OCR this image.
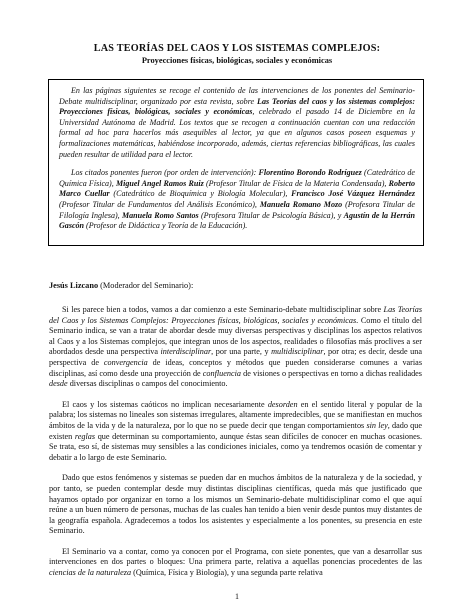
LAS TEORÍAS DEL CAOS Y LOS SISTEMAS COMPLEJOS:
Proyecciones físicas, biológicas, sociales y económicas

En las páginas siguientes se recoge el contenido de las intervenciones de los ponentes del Seminario-Debate multidisciplinar, organizado por esta revista, sobre Las Teorías del caos y los sistemas complejos: Proyecciones físicas, biológicas, sociales y económicas, celebrado el pasado 14 de Diciembre en la Universidad Autónoma de Madrid. Los textos que se recogen a continuación cuentan con una redacción formal ad hoc para hacerlos más asequibles al lector, ya que en algunos casos poseen esquemas y formalizaciones matemáticas, habiéndose incorporado, además, ciertas referencias bibliográficas, las cuales pueden resultar de utilidad para el lector.

Los citados ponentes fueron (por orden de intervención): Florentino Borondo Rodríguez (Catedrático de Química Física), Miguel Angel Ramos Ruiz (Profesor Titular de Física de la Materia Condensada), Roberto Marco Cuellar (Catedrático de Bioquímica y Biología Molecular), Francisco José Vázquez Hernández (Profesor Titular de Fundamentos del Análisis Económico), Manuela Romano Mozo (Profesora Titular de Filología Inglesa), Manuela Romo Santos (Profesora Titular de Psicología Básica), y Agustín de la Herrán Gascón (Profesor de Didáctica y Teoría de la Educación).

Jesús Lizcano (Moderador del Seminario):

Si les parece bien a todos, vamos a dar comienzo a este Seminario-debate multidisciplinar sobre Las Teorías del Caos y los Sistemas Complejos: Proyecciones físicas, biológicas, sociales y económicas. Como el título del Seminario indica, se van a tratar de abordar desde muy diversas perspectivas y disciplinas los aspectos relativos al Caos y a los Sistemas complejos, que integran unos de los aspectos, realidades o filosofías más proclives a ser abordados desde una perspectiva interdisciplinar, por una parte, y multidisciplinar, por otra; es decir, desde una perspectiva de convergencia de ideas, conceptos y métodos que pueden considerarse comunes a varias disciplinas, así como desde una proyección de confluencia de visiones o perspectivas en torno a dichas realidades desde diversas disciplinas o campos del conocimiento.

El caos y los sistemas caóticos no implican necesariamente desorden en el sentido literal y popular de la palabra; los sistemas no lineales son sistemas irregulares, altamente impredecibles, que se manifiestan en muchos ámbitos de la vida y de la naturaleza, por lo que no se puede decir que tengan comportamientos sin ley, dado que existen reglas que determinan su comportamiento, aunque éstas sean difíciles de conocer en muchas ocasiones. Se trata, eso sí, de sistemas muy sensibles a las condiciones iniciales, como ya tendremos ocasión de comentar y debatir a lo largo de este Seminario.

Dado que estos fenómenos y sistemas se pueden dar en muchos ámbitos de la naturaleza y de la sociedad, y por tanto, se pueden contemplar desde muy distintas disciplinas científicas, queda más que justificado que hayamos optado por organizar en torno a los mismos un Seminario-debate multidisciplinar como el que aquí reúne a un buen número de personas, muchas de las cuales han tenido a bien venir desde puntos muy distantes de la geografía española. Agradecemos a todos los asistentes y especialmente a los ponentes, su presencia en este Seminario.

El Seminario va a contar, como ya conocen por el Programa, con siete ponentes, que van a desarrollar sus intervenciones en dos partes o bloques: Una primera parte, relativa a aquellas ponencias procedentes de las ciencias de la naturaleza (Química, Física y Biología), y una segunda parte relativa

1
